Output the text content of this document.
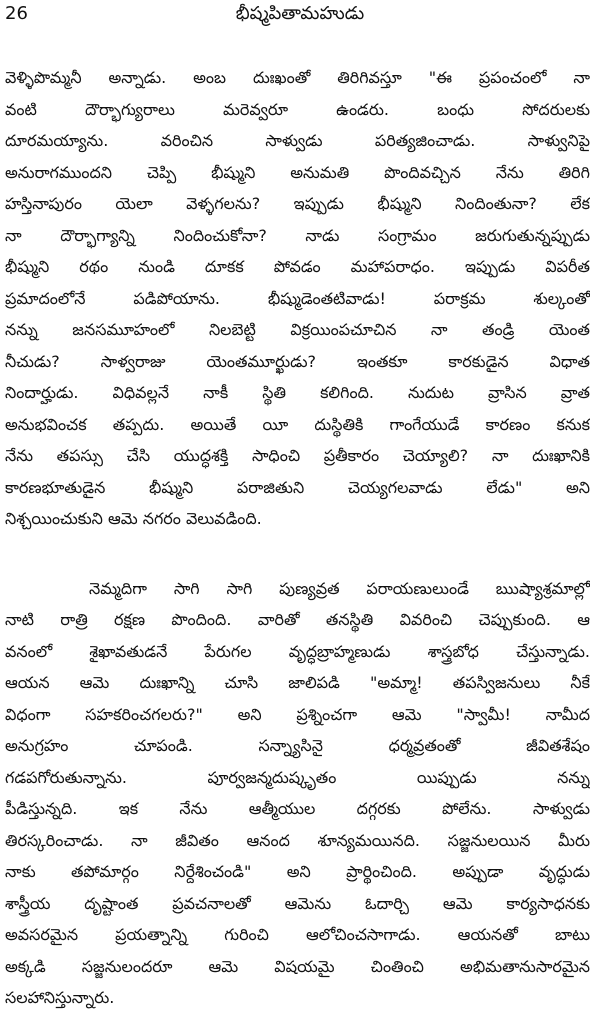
26	భీష్మపితామహుడు
వెళ్ళిపొమ్మనీ అన్నాడు. అంబ దుఃఖంతో తిరిగివస్తూ "ఈ ప్రపంచంలో నా
వంటి దౌర్భాగ్యురాలు మరెవ్వరూ ఉండరు. బంధు సోదరులకు
దూరమయ్యాను. వరించిన సాళ్వుడు పరిత్యజించాడు. సాళ్వునిపై
అనురాగముందని చెప్పి భీష్ముని అనుమతి పొందివచ్చిన నేను తిరిగి
హస్తినాపురం యెలా వెళ్ళగలను? ఇప్పుడు భీష్ముని నిందింతునా? లేక
నా దౌర్భాగ్యాన్ని నిందించుకోనా? నాడు సంగ్రామం జరుగుతున్నప్పుడు
భీష్ముని రథం నుండి దూకక పోవడం మహాపరాధం. ఇప్పుడు విపరీత
ప్రమాదంలోనే పడిపోయాను. భీష్ముడెంతటివాడు! పరాక్రమ శుల్కంతో
నన్ను జనసమూహంలో నిలబెట్టి విక్రయింపచూచిన నా తండ్రి యెంత
నీచుడు? సాళ్వరాజు యెంతమూర్ఖుడు? ఇంతకూ కారకుడైన విధాత
నిందార్హుడు. విధివల్లనే నాకీ స్థితి కలిగింది. నుదుట వ్రాసిన వ్రాత
అనుభవించక తప్పదు. అయితే యీ దుస్థితికి గాంగేయుడే కారణం కనుక
నేను తపస్సు చేసి యుద్ధశక్తి సాధించి ప్రతీకారం చెయ్యాలి? నా దుఃఖానికి
కారణభూతుడైన భీష్ముని పరాజితుని చెయ్యగలవాడు లేడు" అని
నిశ్చయించుకుని ఆమె నగరం వెలువడింది.
నెమ్మదిగా సాగి సాగి పుణ్యవ్రత పరాయణులుండే ఋష్యాశ్రమాల్లో
నాటి రాత్రి రక్షణ పొందింది. వారితో తనస్థితి వివరించి చెప్పుకుంది. ఆ
వనంలో శైఖావతుడనే పేరుగల వృద్ధబ్రాహ్మణుడు శాస్త్రబోధ చేస్తున్నాడు.
ఆయన ఆమె దుఃఖాన్ని చూసి జాలిపడి "అమ్మా! తపస్విజనులు నీకే
విధంగా సహకరించగలరు?" అని ప్రశ్నించగా ఆమె "స్వామీ! నామీద
అనుగ్రహం చూపండి. సన్న్యాసినై ధర్మవ్రతంతో జీవితశేషం
గడపగోరుతున్నాను. పూర్వజన్మదుష్కృతం యిప్పుడు నన్ను
పీడిస్తున్నది. ఇక నేను ఆత్మీయుల దగ్గరకు పోలేను. సాళ్వుడు
తిరస్కరించాడు. నా జీవితం ఆనంద శూన్యమయినది. సజ్జనులయిన మీరు
నాకు తపోమార్గం నిర్దేశించండి" అని ప్రార్థించింది. అప్పుడా వృద్ధుడు
శాస్త్రీయ దృష్టాంత ప్రవచనాలతో ఆమెను ఓదార్చి ఆమె కార్యసాధనకు
అవసరమైన ప్రయత్నాన్ని గురించి ఆలోచించసాగాడు. ఆయనతో బాటు
అక్కడి సజ్జనులందరూ ఆమె విషయమై చింతించి అభిమతానుసారమైన
సలహానిస్తున్నారు.
